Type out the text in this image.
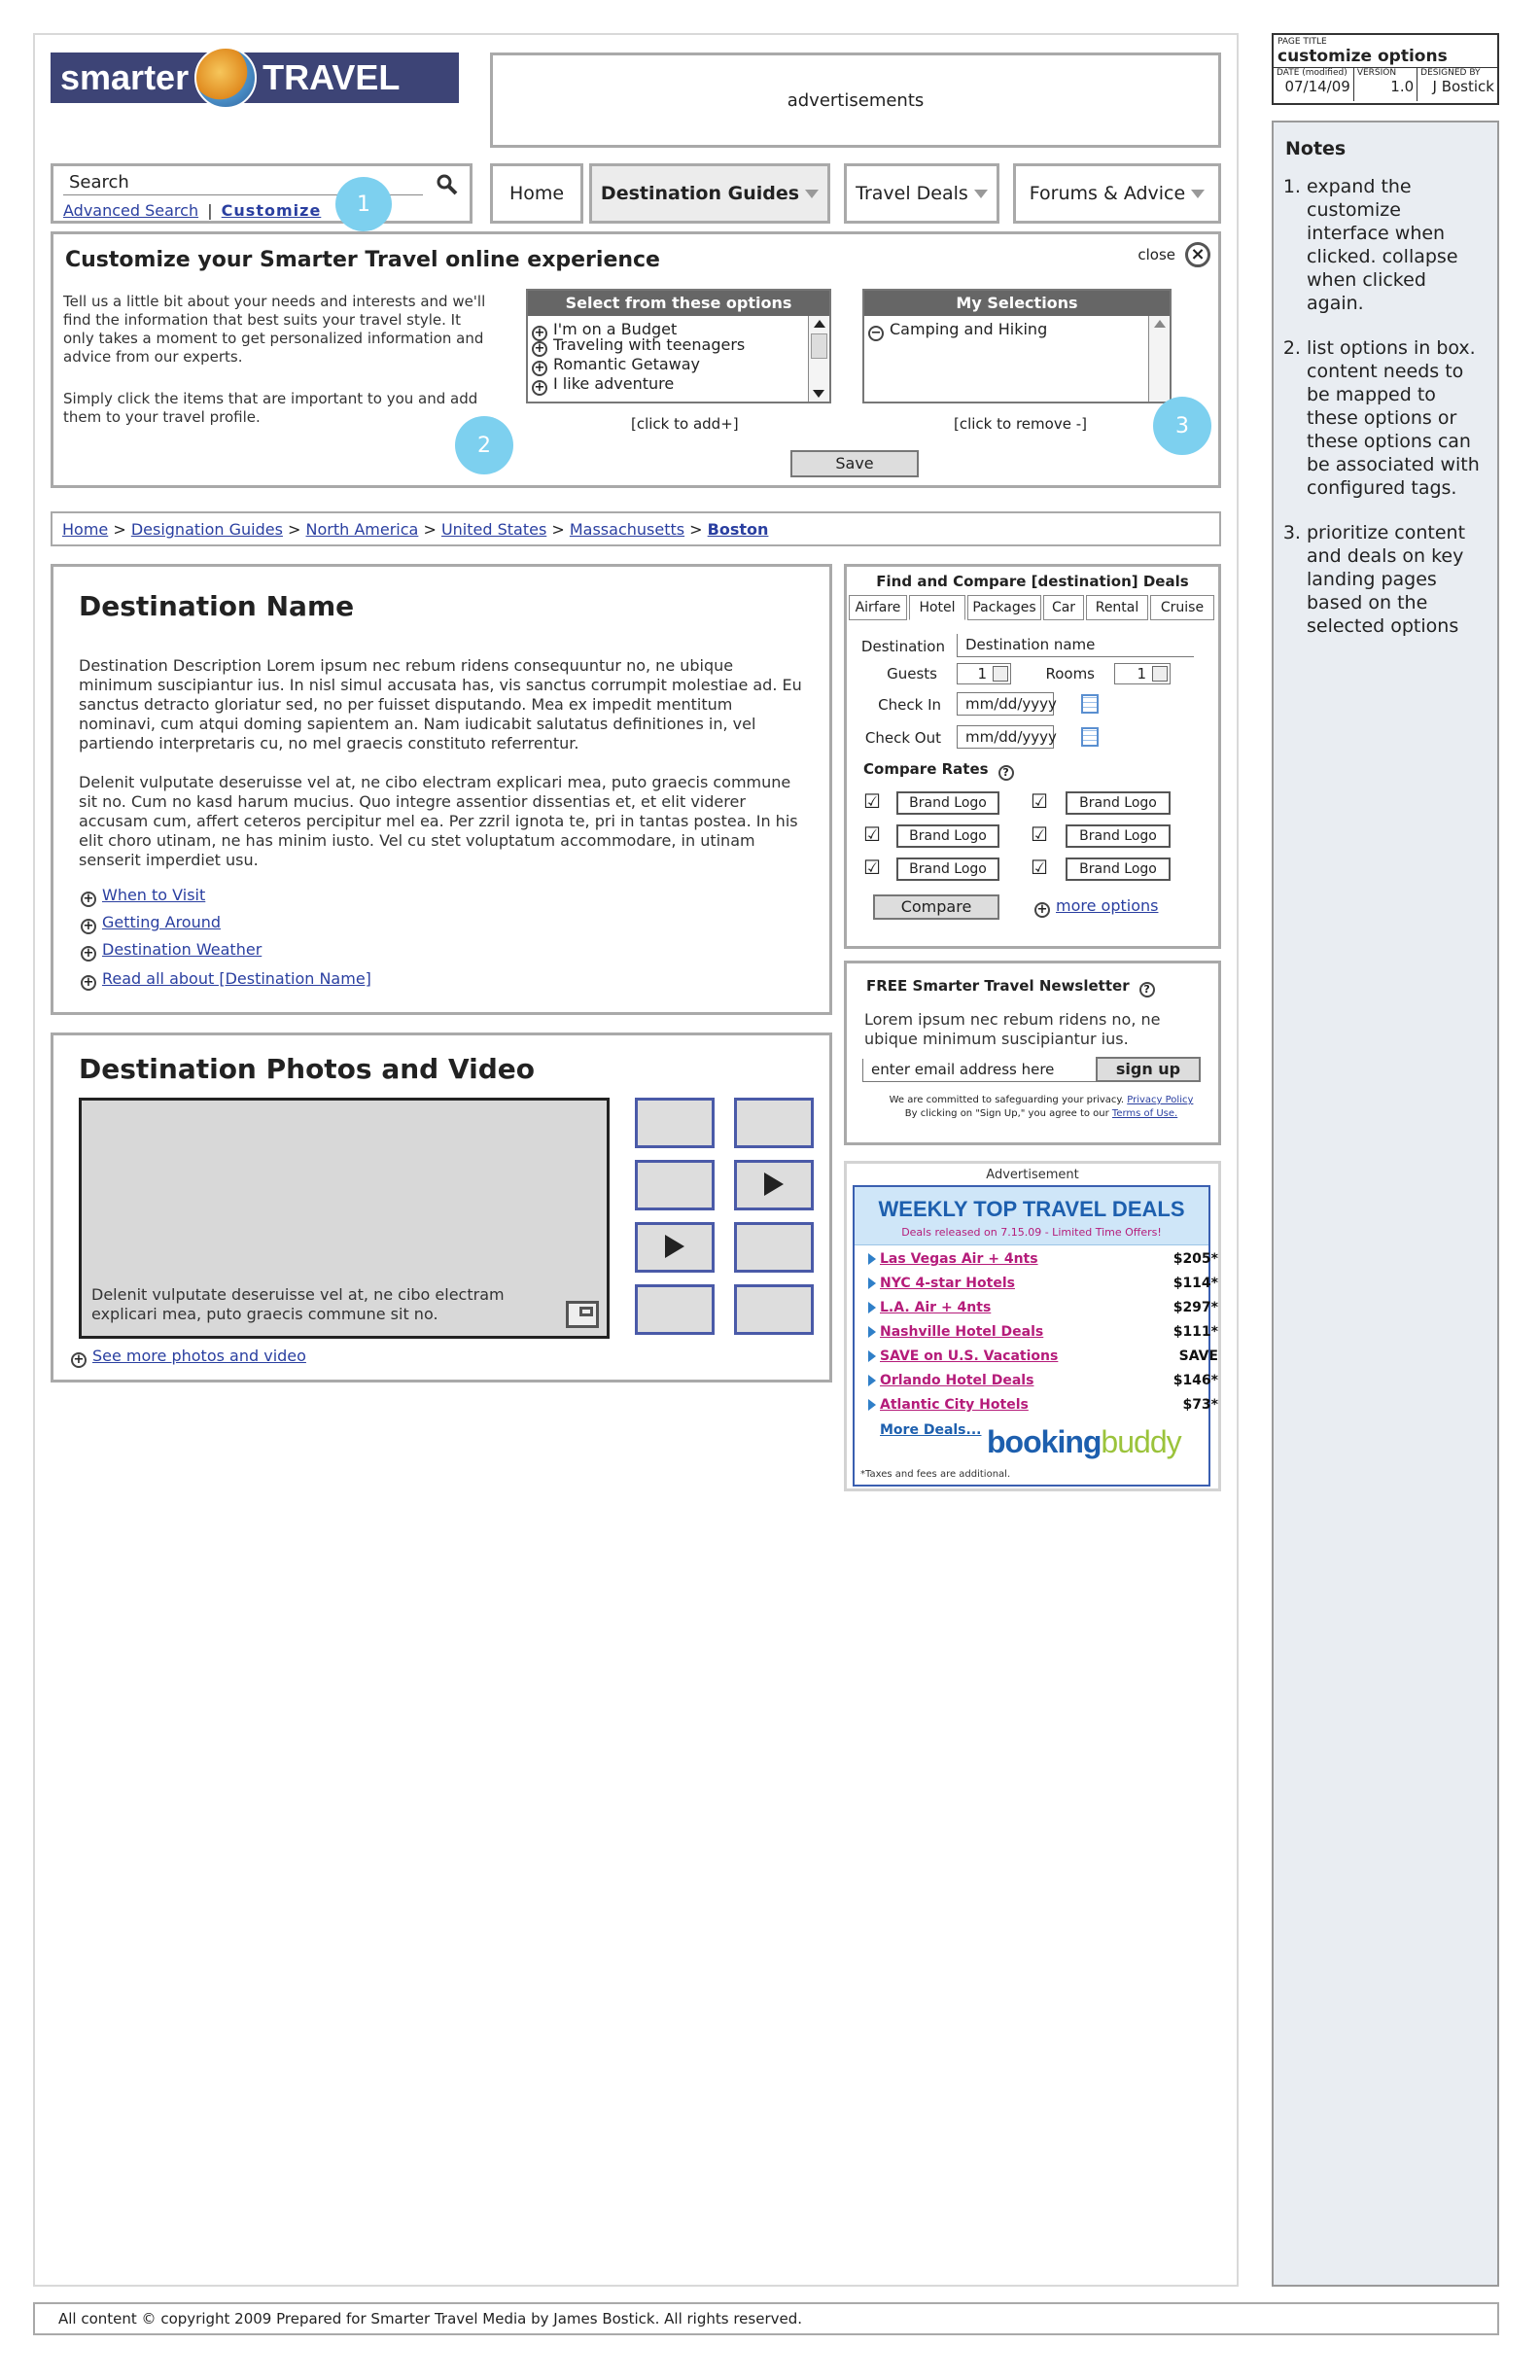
smarter TRAVEL
advertisements
Search
Advanced Search | Customize
Home Destination Guides	Travel Deals	Forums & Advice
1
Customize your Smarter Travel online experience	close ×
Tell us a little bit about your needs and interests and we'll find the information that best suits your travel style. It only takes a moment to get personalized information and advice from our experts.
Simply click the items that are important to you and add them to your travel profile.
Select from these options
+ I'm on a Budget
+ Traveling with teenagers
+ Romantic Getaway
+ I like adventure
[click to add+]
My Selections
− Camping and Hiking
[click to remove -]
Save
2
3
Home > Designation Guides > North America > United States > Massachusetts > Boston
Destination Name
Destination Description Lorem ipsum nec rebum ridens consequuntur no, ne ubique minimum suscipiantur ius. In nisl simul accusata has, vis sanctus corrumpit molestiae ad. Eu sanctus detracto gloriatur sed, no per fuisset disputando. Mea ex impedit mentitum nominavi, cum atqui doming sapientem an. Nam iudicabit salutatus definitiones in, vel partiendo interpretaris cu, no mel graecis constituto referrentur.
Delenit vulputate deseruisse vel at, ne cibo electram explicari mea, puto graecis commune sit no. Cum no kasd harum mucius. Quo integre assentior dissentias et, et elit viderer accusam cum, affert ceteros percipitur mel ea. Per zzril ignota te, pri in tantas postea. In his elit choro utinam, ne has minim iusto. Vel cu stet voluptatum accommodare, in utinam senserit imperdiet usu.
+ When to Visit
+ Getting Around
+ Destination Weather
+ Read all about [Destination Name]
Destination Photos and Video
Delenit vulputate deseruisse vel at, ne cibo electram explicari mea, puto graecis commune sit no.
+ See more photos and video
Find and Compare [destination] Deals
Airfare	Hotel	Packages	Car	Rental	Cruise
Destination	Destination name
Guests	1	Rooms	1
Check In	mm/dd/yyyy
Check Out	mm/dd/yyyy
Compare Rates ?
☑	Brand Logo	☑	Brand Logo
☑	Brand Logo	☑	Brand Logo
☑	Brand Logo	☑	Brand Logo
Compare	+ more options
FREE Smarter Travel Newsletter ?
Lorem ipsum nec rebum ridens no, ne ubique minimum suscipiantur ius.
enter email address here	sign up
We are committed to safeguarding your privacy. Privacy Policy
By clicking on "Sign Up," you agree to our Terms of Use.
Advertisement
WEEKLY TOP TRAVEL DEALS
Deals released on 7.15.09 - Limited Time Offers!
Las Vegas Air + 4nts	$205*
NYC 4-star Hotels	$114*
L.A. Air + 4nts	$297*
Nashville Hotel Deals	$111*
SAVE on U.S. Vacations	SAVE
Orlando Hotel Deals	$146*
Atlantic City Hotels	$73*
More Deals... bookingbuddy
*Taxes and fees are additional.
PAGE TITLE
customize options
DATE (modified)
07/14/09
VERSION
1.0
DESIGNED BY
J Bostick
Notes
1. expand the customize interface when clicked. collapse when clicked again.
2. list options in box. content needs to be mapped to these options or these options can be associated with configured tags.
3. prioritize content and deals on key landing pages based on the selected options
All content © copyright 2009 Prepared for Smarter Travel Media by James Bostick. All rights reserved.
